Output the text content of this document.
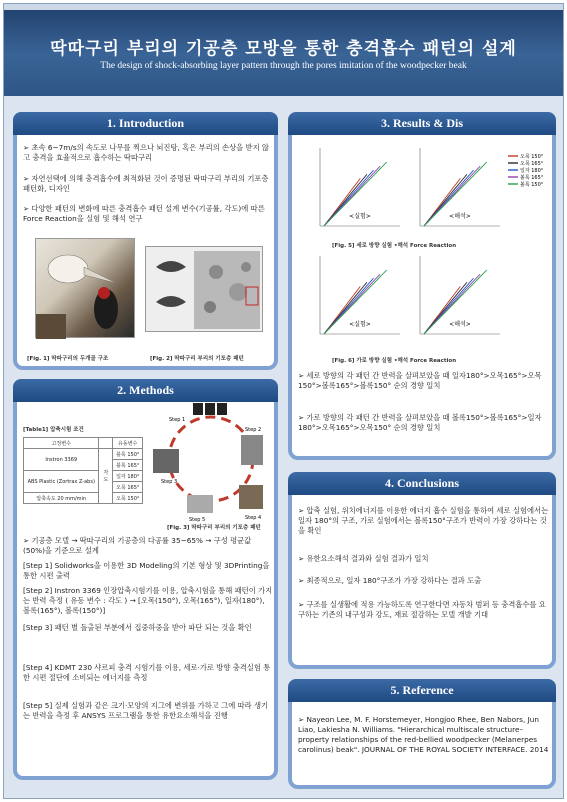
딱따구리 부리의 기공층 모방을 통한 충격흡수 패턴의 설계
The design of shock-absorbing layer pattern through the pores imitation of the woodpecker beak
1. Introduction
➢ 초속 6~7m/s의 속도로 나무를 찍으나 뇌진탕, 혹은 부리의 손상을 받지 않고 충격을 효율적으로 흡수하는 딱따구리
➢ 자연선택에 의해 충격흡수에 최적화된 것이 증명된 딱따구리 부리의 기포층 패턴화, 디자인
➢ 다양한 패턴의 변화에 따른 충격흡수 패턴 설계 변수(기공률, 각도)에 따른 Force Reaction을 실험 및 해석 연구
[Fig. 1] 딱따구리의 두개골 구조	[Fig. 2] 딱따구리 부리의 기포층 패턴
2. Methods
[Table1] 압축시험 조건
고정변수		유동변수
Instron 3369	각도	블록 150°
		블록 165°
ABS Plastic (Zortrax Z-abs)		일자 180°
		오목 165°
압축속도 20 mm/min		오목 150°
Step 1
Step 2
Step 3
Step 4
Step 5
[Fig. 3] 딱따구리 부리의 기포층 패턴
➢ 기공층 모델 → 딱따구리의 기공층의 다공률 35~65% → 구성 평균값(50%)을 기준으로 설계
[Step 1] Solidworks을 이용한 3D Modeling의 기본 형상 및 3DPrinting을 통한 시편 출력
[Step 2] Instron 3369 인장압축시험기를 이용, 압축시험을 통해 패턴이 가지는 반력 측정 ( 유동 변수 : 각도 ) → [오목(150°), 오목(165°), 일자(180°), 볼록(165°), 볼록(150°)]
[Step 3] 패턴 별 돌출된 부분에서 집중하중을 받아 파단 되는 것을 확인
[Step 4] KDMT 230 샤르피 충격 시험기를 이용, 세로·가로 방향 충격실험 통한 시편 절단에 소비되는 에너지를 측정
[Step 5] 실제 실험과 같은 크기·모양의 지그에 변위를 가하고 그에 따라 생기는 반력을 측정 후 ANSYS 프로그램을 통한 유한요소해석을 진행
3. Results & Dis
<실험>	<해석>
<실험>	<해석>
오목 150°
오목 165°
일자 180°
볼록 165°
볼록 150°
[Fig. 5] 세로 방향 실험 •해석 Force Reaction
[Fig. 6] 가로 방향 실험 •해석 Force Reaction
➢ 세로 방향의 각 패턴 간 반력을 살펴보았을 때 일자180°>오목165°>오목150°>볼록165°>볼록150° 순의 경향 일치
➢ 가로 방향의 각 패턴 간 반력을 살펴보았을 때 볼록150°>볼록165°>일자180°>오목165°>오목150° 순의 경향 일치
4. Conclusions
➢ 압축 실험, 위치에너지를 이용한 에너지 흡수 실험을 통하여 세로 실험에서는 일자 180°의 구조, 가로 실험에서는 볼록150°구조가 반력이 가장 강하다는 것을 확인
➢ 유한요소해석 결과와 실험 결과가 일치
➢ 최종적으로, 일자 180°구조가 가장 강하다는 결과 도출
➢ 구조를 실생활에 적용 가능하도록 연구한다면 자동차 범퍼 등 충격흡수를 요구하는 기존의 내구성과 강도, 재료 절감하는 모델 개발 기대
5. Reference
➢ Nayeon Lee, M. F. Horstemeyer, Hongjoo Rhee, Ben Nabors, Jun Liao, Lakiesha N. Williams. "Hierarchical multiscale structure–property relationships of the red-bellied woodpecker (Melanerpes carolinus) beak". JOURNAL OF THE ROYAL SOCIETY INTERFACE. 2014
